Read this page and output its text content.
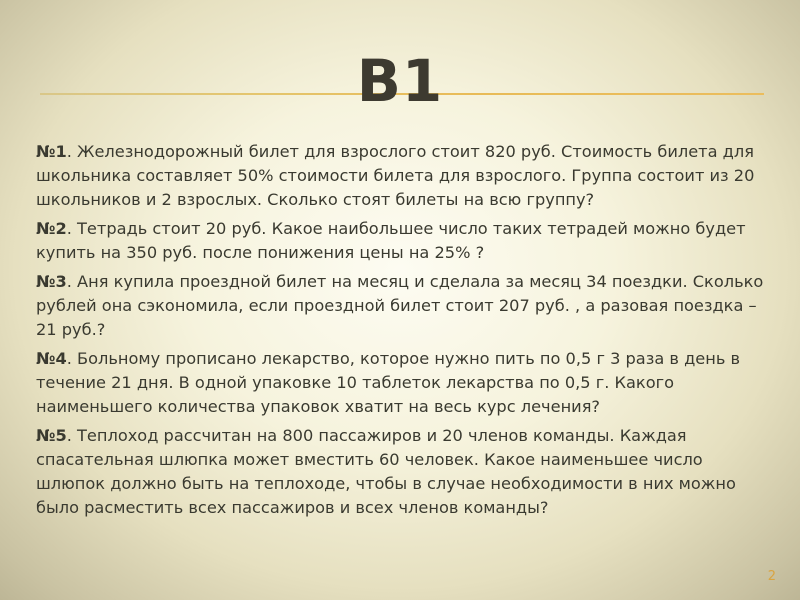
В1

№1. Железнодорожный билет для взрослого стоит 820 руб. Стоимость билета для школьника составляет 50% стоимости билета для взрослого. Группа состоит из 20 школьников и 2 взрослых. Сколько стоят билеты на всю группу?

№2. Тетрадь стоит 20 руб. Какое наибольшее число таких тетрадей можно будет купить на 350 руб. после понижения цены на 25% ?

№3. Аня купила проездной билет на месяц и сделала за месяц 34 поездки. Сколько рублей она сэкономила, если проездной билет стоит 207 руб. , а разовая поездка – 21 руб.?

№4. Больному прописано лекарство, которое нужно пить по 0,5 г 3 раза в день в течение 21 дня. В одной упаковке 10 таблеток лекарства по 0,5 г. Какого наименьшего количества упаковок хватит на весь курс лечения?

№5. Теплоход рассчитан на 800 пассажиров и 20 членов команды. Каждая спасательная шлюпка может вместить 60 человек. Какое наименьшее число шлюпок должно быть на теплоходе, чтобы в случае необходимости в них можно было расместить всех пассажиров и всех членов команды?

2
